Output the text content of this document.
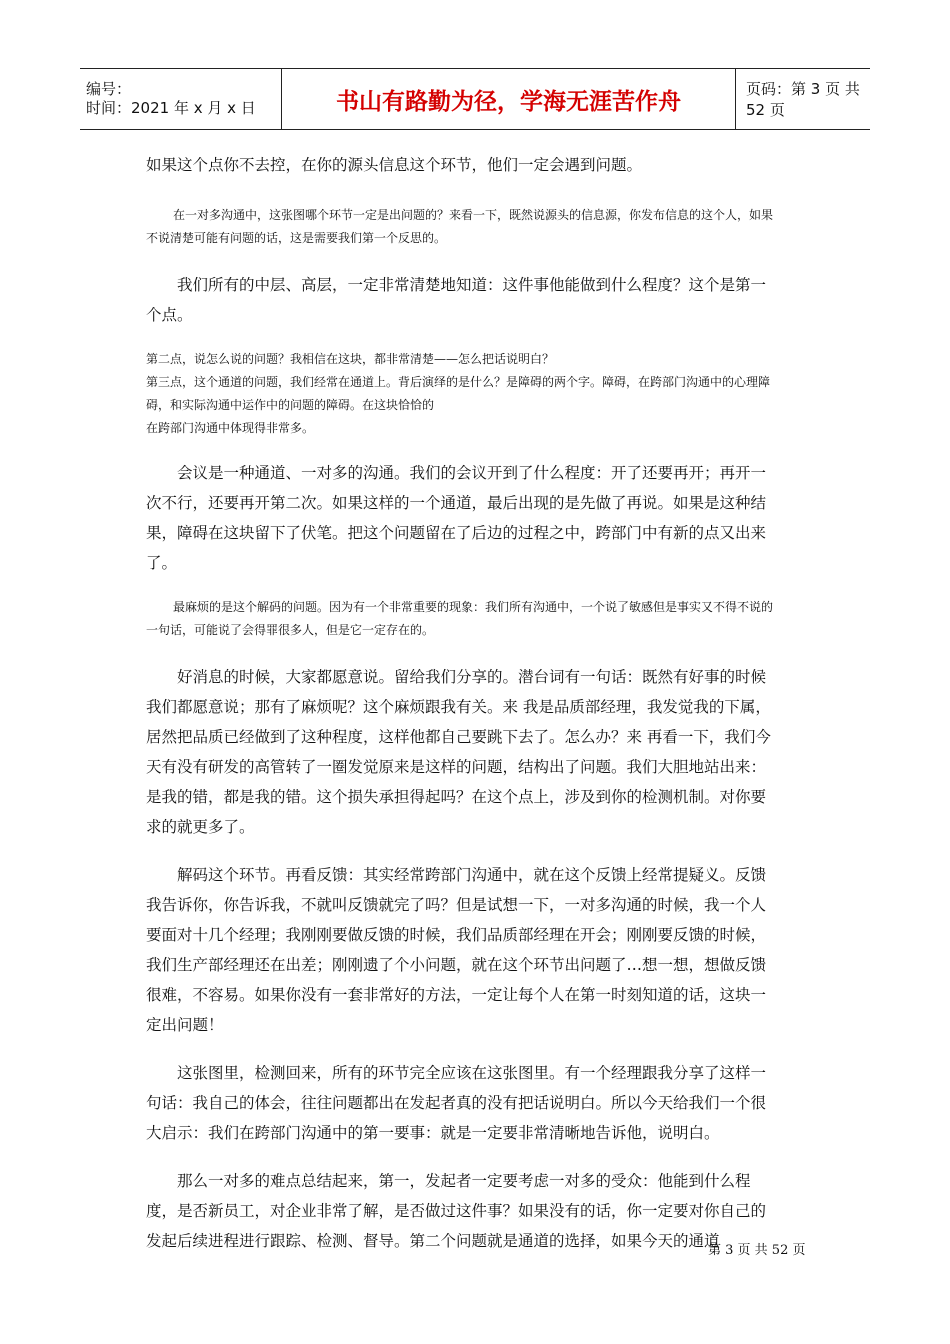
编号：
时间：2021 年 x 月 x 日	书山有路勤为径，学海无涯苦作舟	页码：第 3 页 共 52 页

如果这个点你不去控，在你的源头信息这个环节，他们一定会遇到问题。

在一对多沟通中，这张图哪个环节一定是出问题的？来看一下，既然说源头的信息源，你发布信息的这个人，如果不说清楚可能有问题的话，这是需要我们第一个反思的。

我们所有的中层、高层，一定非常清楚地知道：这件事他能做到什么程度？这个是第一个点。

第二点，说怎么说的问题？我相信在这块，都非常清楚——怎么把话说明白？

第三点，这个通道的问题，我们经常在通道上。背后演绎的是什么？是障碍的两个字。障碍，在跨部门沟通中的心理障碍，和实际沟通中运作中的问题的障碍。在这块恰恰的

在跨部门沟通中体现得非常多。

会议是一种通道、一对多的沟通。我们的会议开到了什么程度：开了还要再开；再开一次不行，还要再开第二次。如果这样的一个通道，最后出现的是先做了再说。如果是这种结果，障碍在这块留下了伏笔。把这个问题留在了后边的过程之中，跨部门中有新的点又出来了。

最麻烦的是这个解码的问题。因为有一个非常重要的现象：我们所有沟通中，一个说了敏感但是事实又不得不说的一句话，可能说了会得罪很多人，但是它一定存在的。

好消息的时候，大家都愿意说。留给我们分享的。潜台词有一句话：既然有好事的时候我们都愿意说；那有了麻烦呢？这个麻烦跟我有关。来 我是品质部经理，我发觉我的下属，居然把品质已经做到了这种程度，这样他都自己要跳下去了。怎么办？来 再看一下，我们今天有没有研发的高管转了一圈发觉原来是这样的问题，结构出了问题。我们大胆地站出来：是我的错，都是我的错。这个损失承担得起吗？在这个点上，涉及到你的检测机制。对你要求的就更多了。

解码这个环节。再看反馈：其实经常跨部门沟通中，就在这个反馈上经常提疑义。反馈我告诉你，你告诉我，不就叫反馈就完了吗？但是试想一下，一对多沟通的时候，我一个人要面对十几个经理；我刚刚要做反馈的时候，我们品质部经理在开会；刚刚要反馈的时候，我们生产部经理还在出差；刚刚遗了个小问题，就在这个环节出问题了…想一想，想做反馈很难，不容易。如果你没有一套非常好的方法，一定让每个人在第一时刻知道的话，这块一定出问题！

这张图里，检测回来，所有的环节完全应该在这张图里。有一个经理跟我分享了这样一句话：我自己的体会，往往问题都出在发起者真的没有把话说明白。所以今天给我们一个很大启示：我们在跨部门沟通中的第一要事：就是一定要非常清晰地告诉他，说明白。

那么一对多的难点总结起来，第一，发起者一定要考虑一对多的受众：他能到什么程度，是否新员工，对企业非常了解，是否做过这件事？如果没有的话，你一定要对你自己的发起后续进程进行跟踪、检测、督导。第二个问题就是通道的选择，如果今天的通道

第 3 页 共 52 页
